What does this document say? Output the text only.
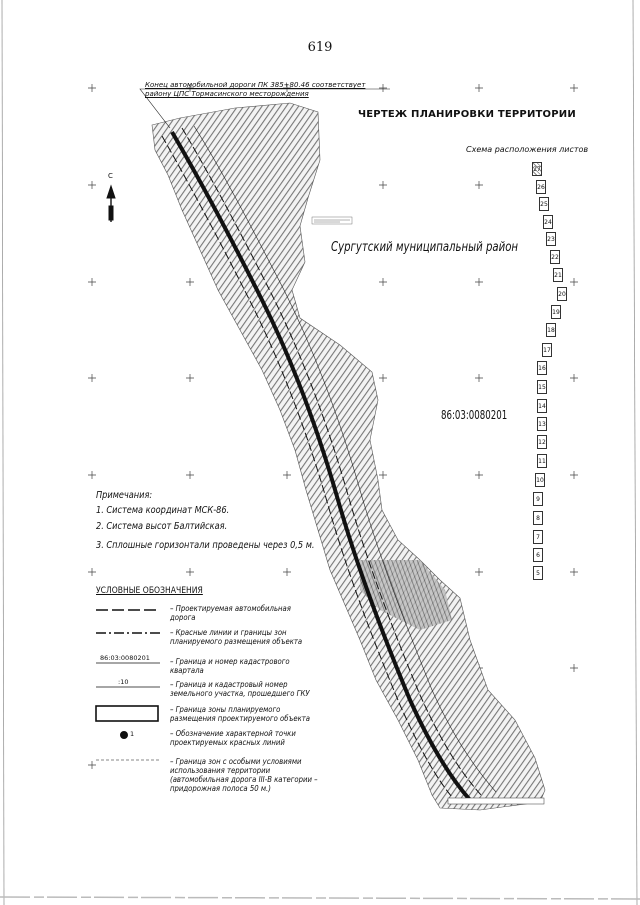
619
Конец автомобильной дороги ПК 385+80.46 соответствует
району ЦПС Тормасинского месторождения
С
ЧЕРТЕЖ ПЛАНИРОВКИ ТЕРРИТОРИИ
Схема расположения листов
27
26
25
24
23
22
21
20
19
18
17
16
15
14
13
12
11
10
9
8
7
6
5
Сургутский муниципальный район
86:03:0080201
Примечания:
1. Система координат МСК-86.
2. Система высот Балтийская.
3. Сплошные горизонтали проведены через 0,5 м.
УСЛОВНЫЕ ОБОЗНАЧЕНИЯ
– Проектируемая автомобильная
дорога
– Красные линии и границы зон
планируемого размещения объекта
86:03:0080201	– Граница и номер кадастрового
квартала
:10	– Граница и кадастровый номер
земельного участка, прошедшего ГКУ
– Граница зоны планируемого
размещения проектируемого объекта
1	– Обозначение характерной точки
проектируемых красных линий
– Граница зон с особыми условиями
использования территории
(автомобильная дорога III-В категории –
придорожная полоса 50 м.)
